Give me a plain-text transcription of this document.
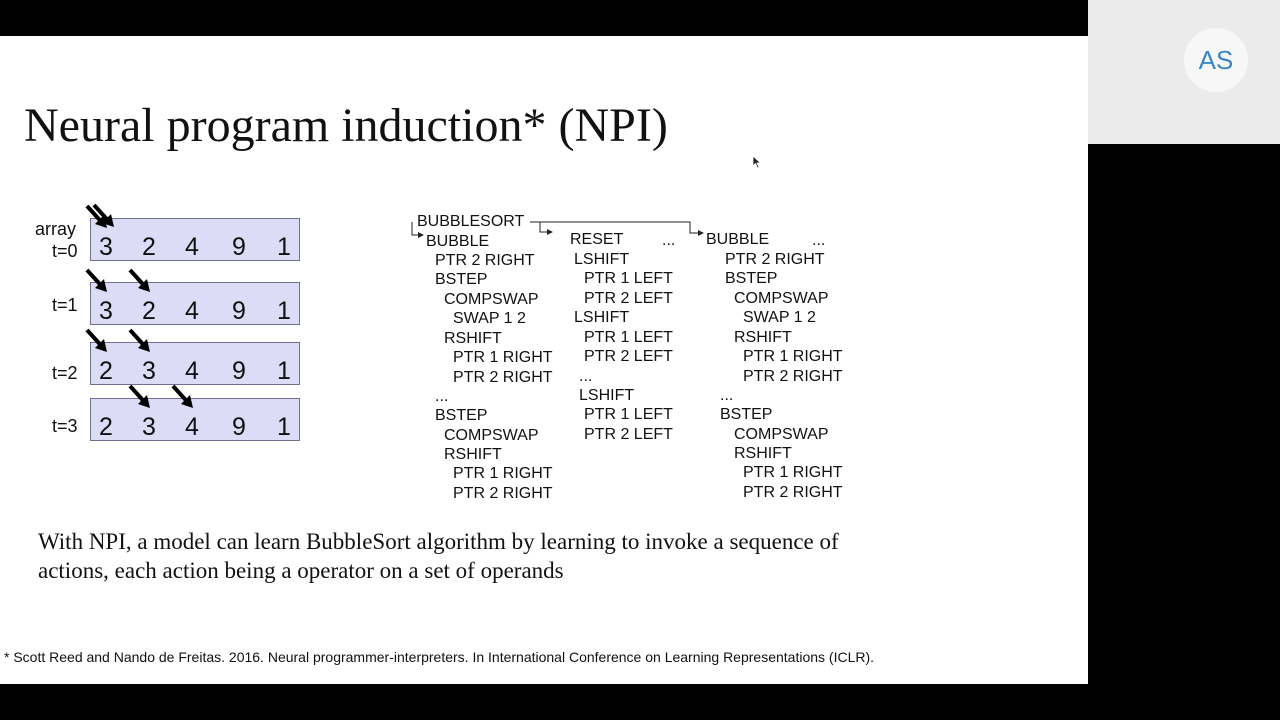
AS
Neural program induction* (NPI)
array
t=0 3	2	4	9	1
t=1 3	2	4	9	1
t=2 2	3	4	9	1
t=3 2	3	4	9	1
BUBBLESORT
BUBBLE
PTR 2 RIGHT
BSTEP
COMPSWAP
SWAP 1 2
RSHIFT
PTR 1 RIGHT
PTR 2 RIGHT
...
BSTEP
COMPSWAP
RSHIFT
PTR 1 RIGHT
PTR 2 RIGHT
RESET
LSHIFT
PTR 1 LEFT
PTR 2 LEFT
LSHIFT
PTR 1 LEFT
PTR 2 LEFT
...
LSHIFT
PTR 1 LEFT
PTR 2 LEFT
BUBBLE
PTR 2 RIGHT
BSTEP
COMPSWAP
SWAP 1 2
RSHIFT
PTR 1 RIGHT
PTR 2 RIGHT
...
BSTEP
COMPSWAP
RSHIFT
PTR 1 RIGHT
PTR 2 RIGHT
...	...

With NPI, a model can learn BubbleSort algorithm by learning to invoke a sequence of actions, each action being a operator on a set of operands

* Scott Reed and Nando de Freitas. 2016. Neural programmer-interpreters. In International Conference on Learning Representations (ICLR).
